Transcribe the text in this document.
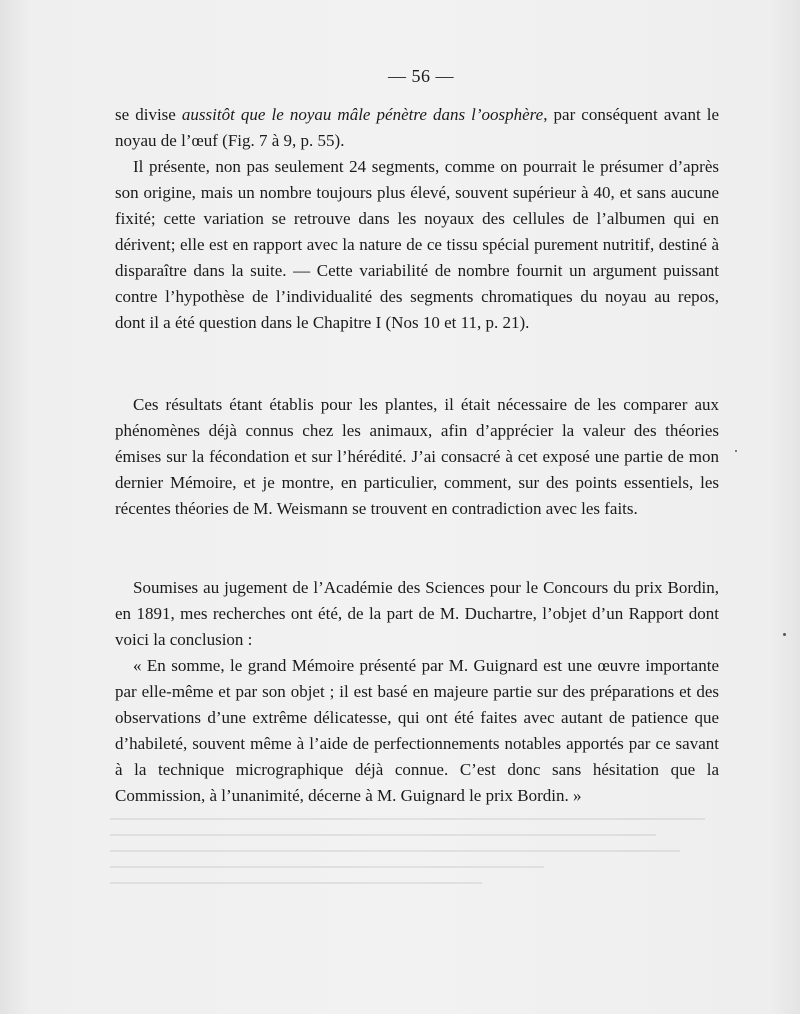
— 56 —

se divise aussitôt que le noyau mâle pénètre dans l’oosphère, par conséquent avant le noyau de l’œuf (Fig. 7 à 9, p. 55).

Il présente, non pas seulement 24 segments, comme on pourrait le présumer d’après son origine, mais un nombre toujours plus élevé, souvent supérieur à 40, et sans aucune fixité; cette variation se retrouve dans les noyaux des cellules de l’albumen qui en dérivent; elle est en rapport avec la nature de ce tissu spécial purement nutritif, destiné à disparaître dans la suite. — Cette variabilité de nombre fournit un argument puissant contre l’hypothèse de l’individualité des segments chromatiques du noyau au repos, dont il a été question dans le Chapitre I (Nos 10 et 11, p. 21).

Ces résultats étant établis pour les plantes, il était nécessaire de les comparer aux phénomènes déjà connus chez les animaux, afin d’apprécier la valeur des théories émises sur la fécondation et sur l’hérédité. J’ai consacré à cet exposé une partie de mon dernier Mémoire, et je montre, en particulier, comment, sur des points essentiels, les récentes théories de M. Weismann se trouvent en contradiction avec les faits.

Soumises au jugement de l’Académie des Sciences pour le Concours du prix Bordin, en 1891, mes recherches ont été, de la part de M. Duchartre, l’objet d’un Rapport dont voici la conclusion :

« En somme, le grand Mémoire présenté par M. Guignard est une œuvre importante par elle-même et par son objet ; il est basé en majeure partie sur des préparations et des observations d’une extrême délicatesse, qui ont été faites avec autant de patience que d’habileté, souvent même à l’aide de perfectionnements notables apportés par ce savant à la technique micrographique déjà connue. C’est donc sans hésitation que la Commission, à l’unanimité, décerne à M. Guignard le prix Bordin. »
